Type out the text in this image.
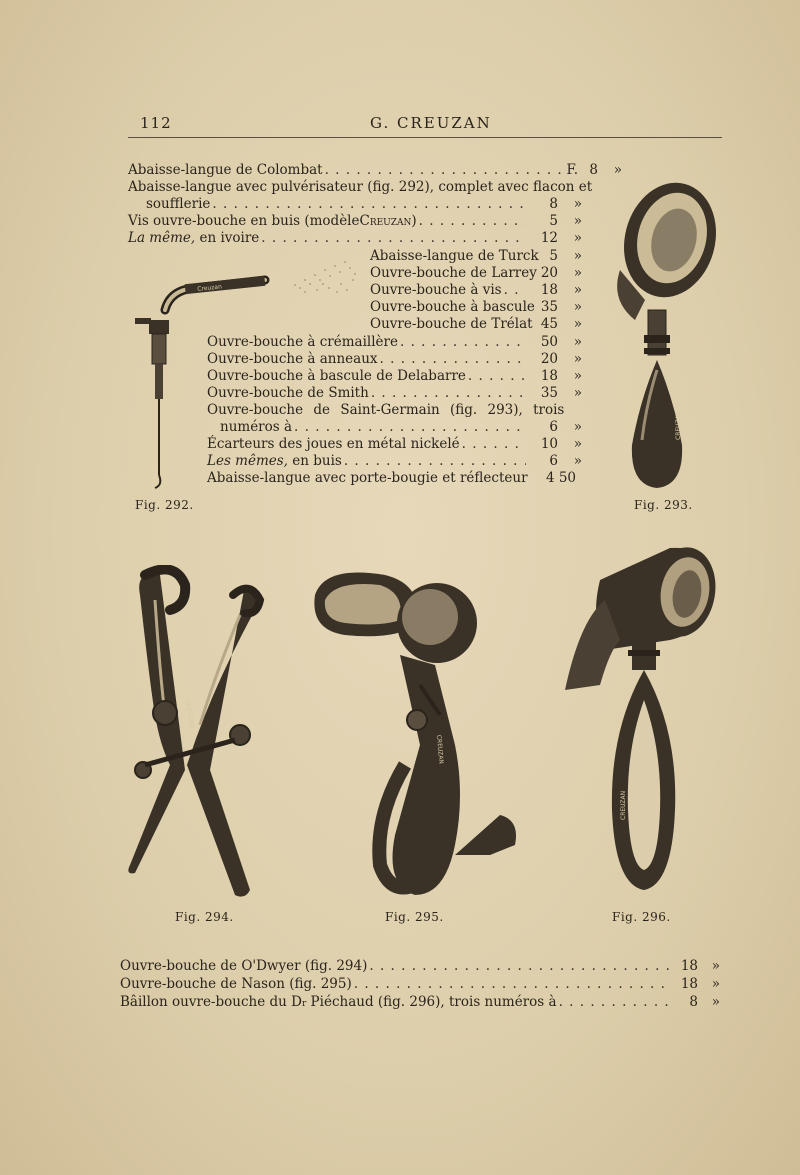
112	G. CREUZAN
Abaisse-langue de Colombat . . .	F. 8 »
Abaisse-langue avec pulvérisateur (fig. 292), complet avec flacon et
soufflerie . . .	8 »
Vis ouvre-bouche en buis (modèle Creuzan ) . . .	5 »
La même, en ivoire . . .	12 »
Abaisse-langue de Turck 5 »
Ouvre-bouche de Larrey 20 »
Ouvre-bouche à vis . . .	18 »
Ouvre-bouche à bascule 35 »
Ouvre-bouche de Trélat 45 »
Ouvre-bouche à crémaillère . . .	50 »
Ouvre-bouche à anneaux . . .	20 »
Ouvre-bouche à bascule de Delabarre . . .	18 »
Ouvre-bouche de Smith . . .	35 »
Ouvre-bouche de Saint-Germain (fig. 293), trois
numéros à . . .	6 »
Écarteurs des joues en métal nickelé . . .	10 »
Les mêmes, en buis . . .	6 »
Abaisse-langue avec porte-bougie et réflecteur	4 50
Creuzan
Fig. 292.
CREUZAN
Fig. 293.
CREUZAN
Fig. 294.
CREUZAN
Fig. 295.
CREUZAN
Fig. 296.
Ouvre-bouche de O'Dwyer (fig. 294) . . .	18 »
Ouvre-bouche de Nason (fig. 295) . . .	18 »
Bâillon ouvre-bouche du D r Piéchaud (fig. 296), trois numéros à . . .	8 »
